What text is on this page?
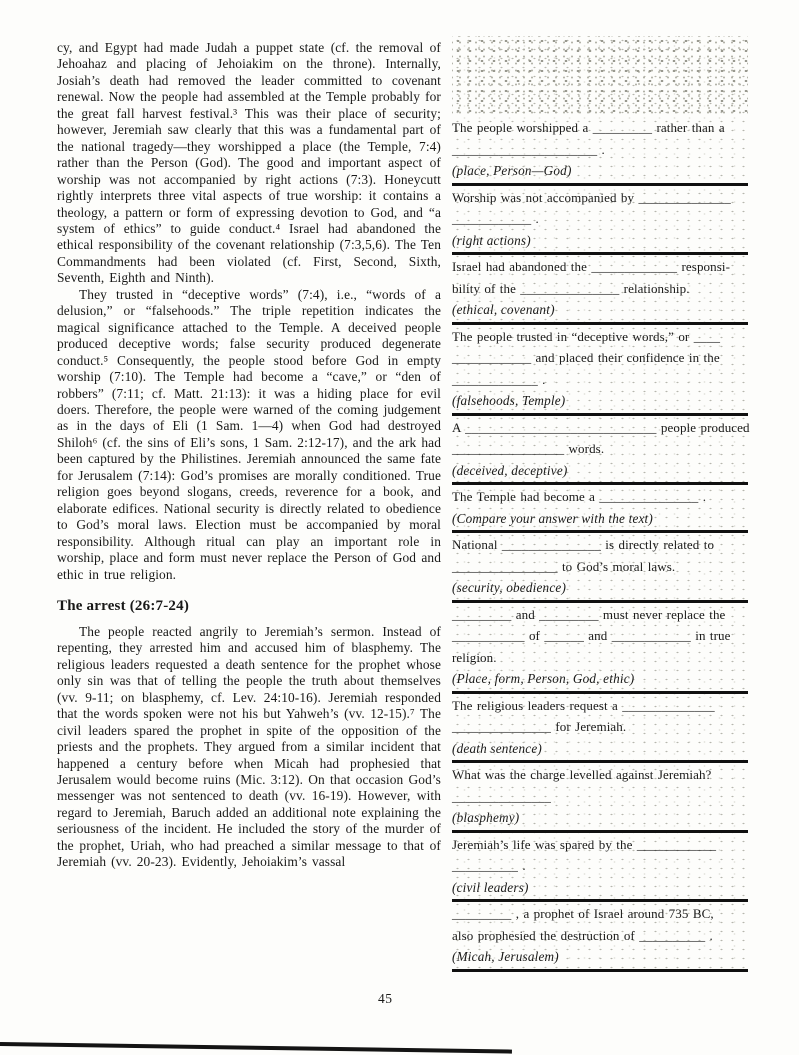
cy, and Egypt had made Judah a puppet state (cf. the removal of Jehoahaz and placing of Jehoiakim on the throne). Internally, Josiah’s death had removed the leader committed to covenant renewal. Now the people had assembled at the Temple probably for the great fall harvest festival.³ This was their place of security; however, Jeremiah saw clearly that this was a fundamental part of the national tragedy—they worshipped a place (the Temple, 7:4) rather than the Person (God). The good and important aspect of worship was not accompanied by right actions (7:3). Honeycutt rightly interprets three vital aspects of true worship: it contains a theology, a pattern or form of expressing devotion to God, and “a system of ethics” to guide conduct.⁴ Israel had abandoned the ethical responsibility of the covenant relationship (7:3,5,6). The Ten Commandments had been violated (cf. First, Second, Sixth, Seventh, Eighth and Ninth).

They trusted in “deceptive words” (7:4), i.e., “words of a delusion,” or “falsehoods.” The triple repetition indicates the magical significance attached to the Temple. A deceived people produced deceptive words; false security produced degenerate conduct.⁵ Consequently, the people stood before God in empty worship (7:10). The Temple had become a “cave,” or “den of robbers” (7:11; cf. Matt. 21:13): it was a hiding place for evil doers. Therefore, the people were warned of the coming judgement as in the days of Eli (1 Sam. 1—4) when God had destroyed Shiloh⁶ (cf. the sins of Eli’s sons, 1 Sam. 2:12-17), and the ark had been captured by the Philistines. Jeremiah announced the same fate for Jerusalem (7:14): God’s promises are morally conditioned. True religion goes beyond slogans, creeds, reverence for a book, and elaborate edifices. National security is directly related to obedience to God’s moral laws. Election must be accompanied by moral responsibility. Although ritual can play an important role in worship, place and form must never replace the Person of God and ethic in true religion.

The arrest (26:7-24)

The people reacted angrily to Jeremiah’s sermon. Instead of repenting, they arrested him and accused him of blasphemy. The religious leaders requested a death sentence for the prophet whose only sin was that of telling the people the truth about themselves (vv. 9-11; on blasphemy, cf. Lev. 24:10-16). Jeremiah responded that the words spoken were not his but Yahweh’s (vv. 12-15).⁷ The civil leaders spared the prophet in spite of the opposition of the priests and the prophets. They argued from a similar incident that happened a century before when Micah had prophesied that Jerusalem would become ruins (Mic. 3:12). On that occasion God’s messenger was not sentenced to death (vv. 16-19). However, with regard to Jeremiah, Baruch added an additional note explaining the seriousness of the incident. He included the story of the murder of the prophet, Uriah, who had preached a similar message to that of Jeremiah (vv. 20-23). Evidently, Jehoiakim’s vassal

The people worshipped a _________ rather than a
______________________ .
(place, Person—God)
Worship was not accompanied by ______________
____________ .
(right actions)
Israel had abandoned the _____________ responsi-
bility of the _______________ relationship.
(ethical, covenant)
The people trusted in “deceptive words,” or ____
____________ and placed their confidence in the
_____________ .
(falsehoods, Temple)
A _____________________________ people produced
_________________ words.
(deceived, deceptive)
The Temple had become a _______________ .
(Compare your answer with the text)
National _______________ is directly related to
________________ to God’s moral laws.
(security, obedience)
_________ and _________ must never replace the
___________ of ______ and ____________ in true
religion.
(Place, form, Person, God, ethic)
The religious leaders request a ______________
_______________ for Jeremiah.
(death sentence)
What was the charge levelled against Jeremiah?
_______________
(blasphemy)
Jeremiah’s life was spared by the ____________
__________ .
(civil leaders)
_________ , a prophet of Israel around 735 BC,
also prophesied the destruction of __________ .
(Micah, Jerusalem)
45
